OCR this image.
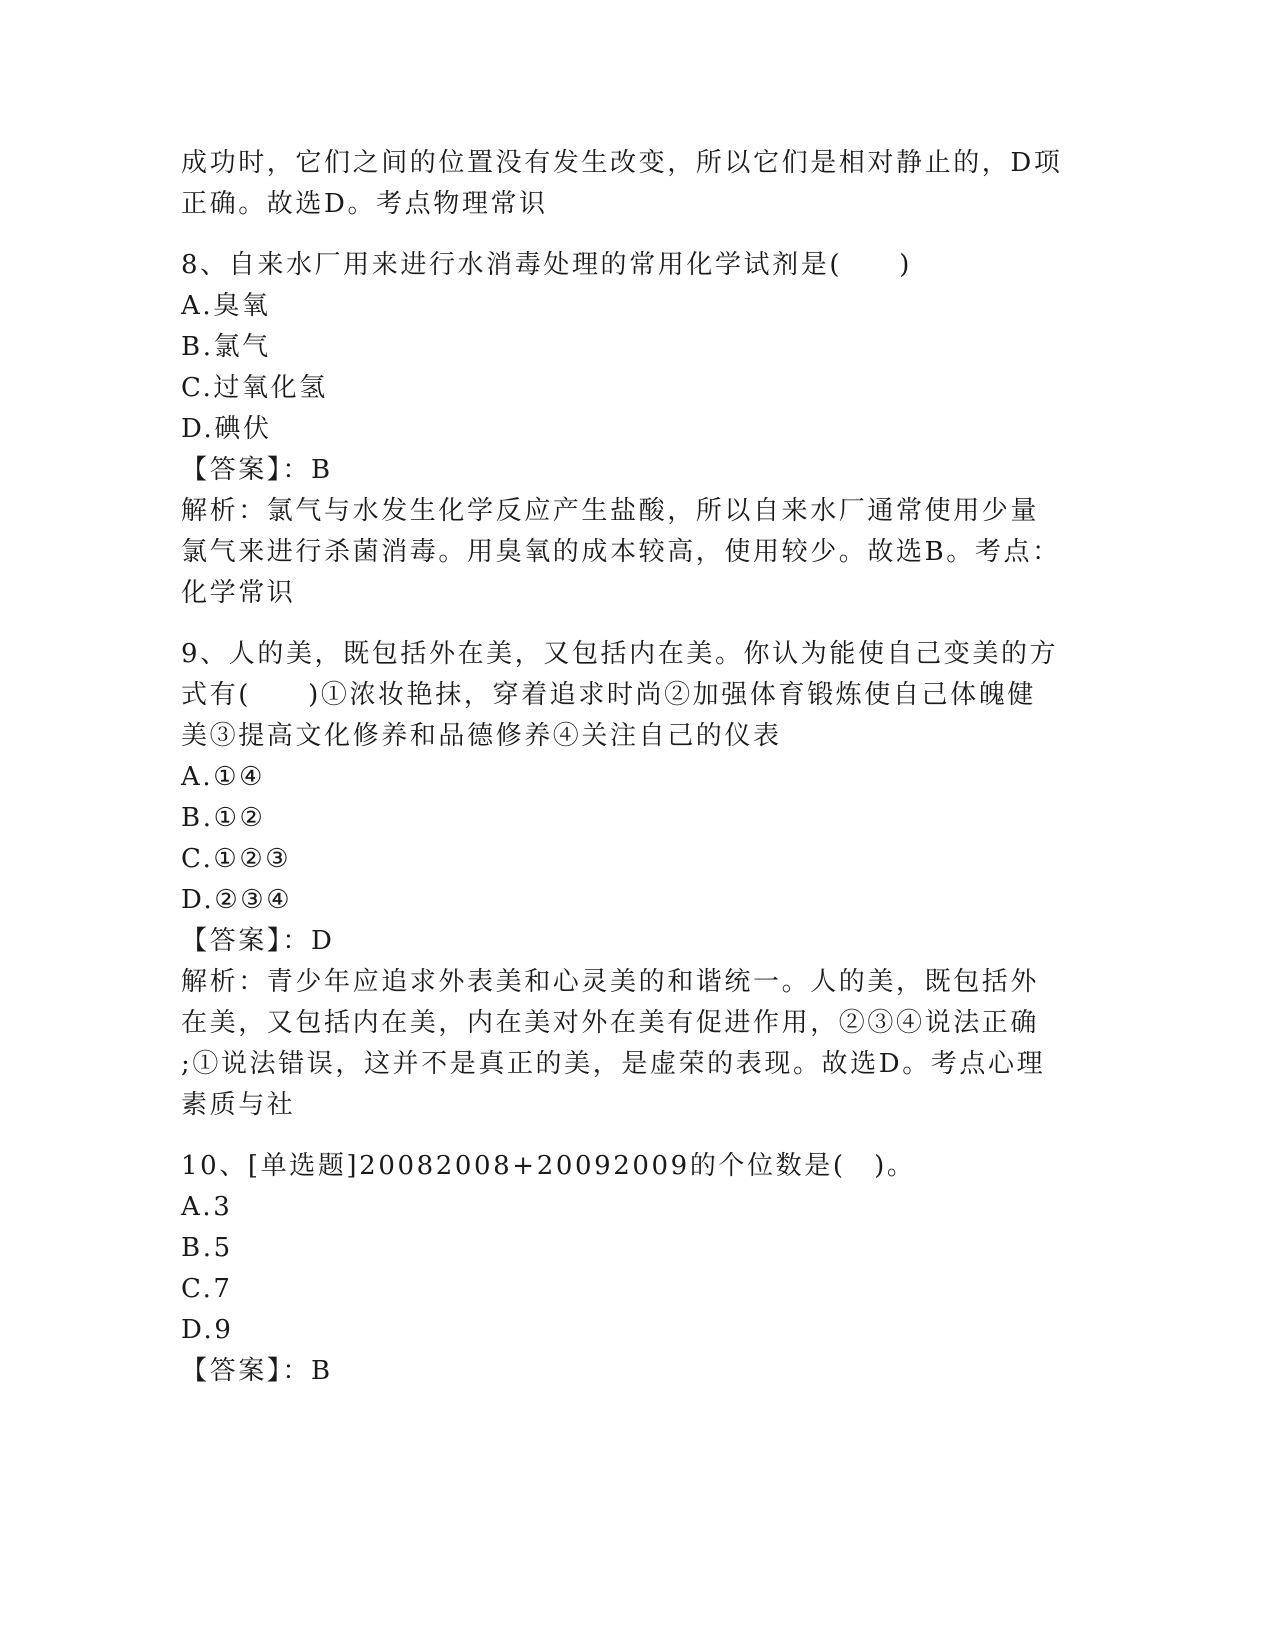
成功时，它们之间的位置没有发生改变，所以它们是相对静止的，D项
正确。故选D。考点物理常识
8、自来水厂用来进行水消毒处理的常用化学试剂是(　　)
A.臭氧
B.氯气
C.过氧化氢
D.碘伏
【答案】：B
解析：氯气与水发生化学反应产生盐酸，所以自来水厂通常使用少量
氯气来进行杀菌消毒。用臭氧的成本较高，使用较少。故选B。考点：
化学常识
9、人的美，既包括外在美，又包括内在美。你认为能使自己变美的方
式有(　　)①浓妆艳抹，穿着追求时尚②加强体育锻炼使自己体魄健
美③提高文化修养和品德修养④关注自己的仪表
A.①④
B.①②
C.①②③
D.②③④
【答案】：D
解析：青少年应追求外表美和心灵美的和谐统一。人的美，既包括外
在美，又包括内在美，内在美对外在美有促进作用，②③④说法正确
;①说法错误，这并不是真正的美，是虚荣的表现。故选D。考点心理
素质与社
10、[单选题]20082008+20092009的个位数是(　)。
A.3
B.5
C.7
D.9
【答案】：B
